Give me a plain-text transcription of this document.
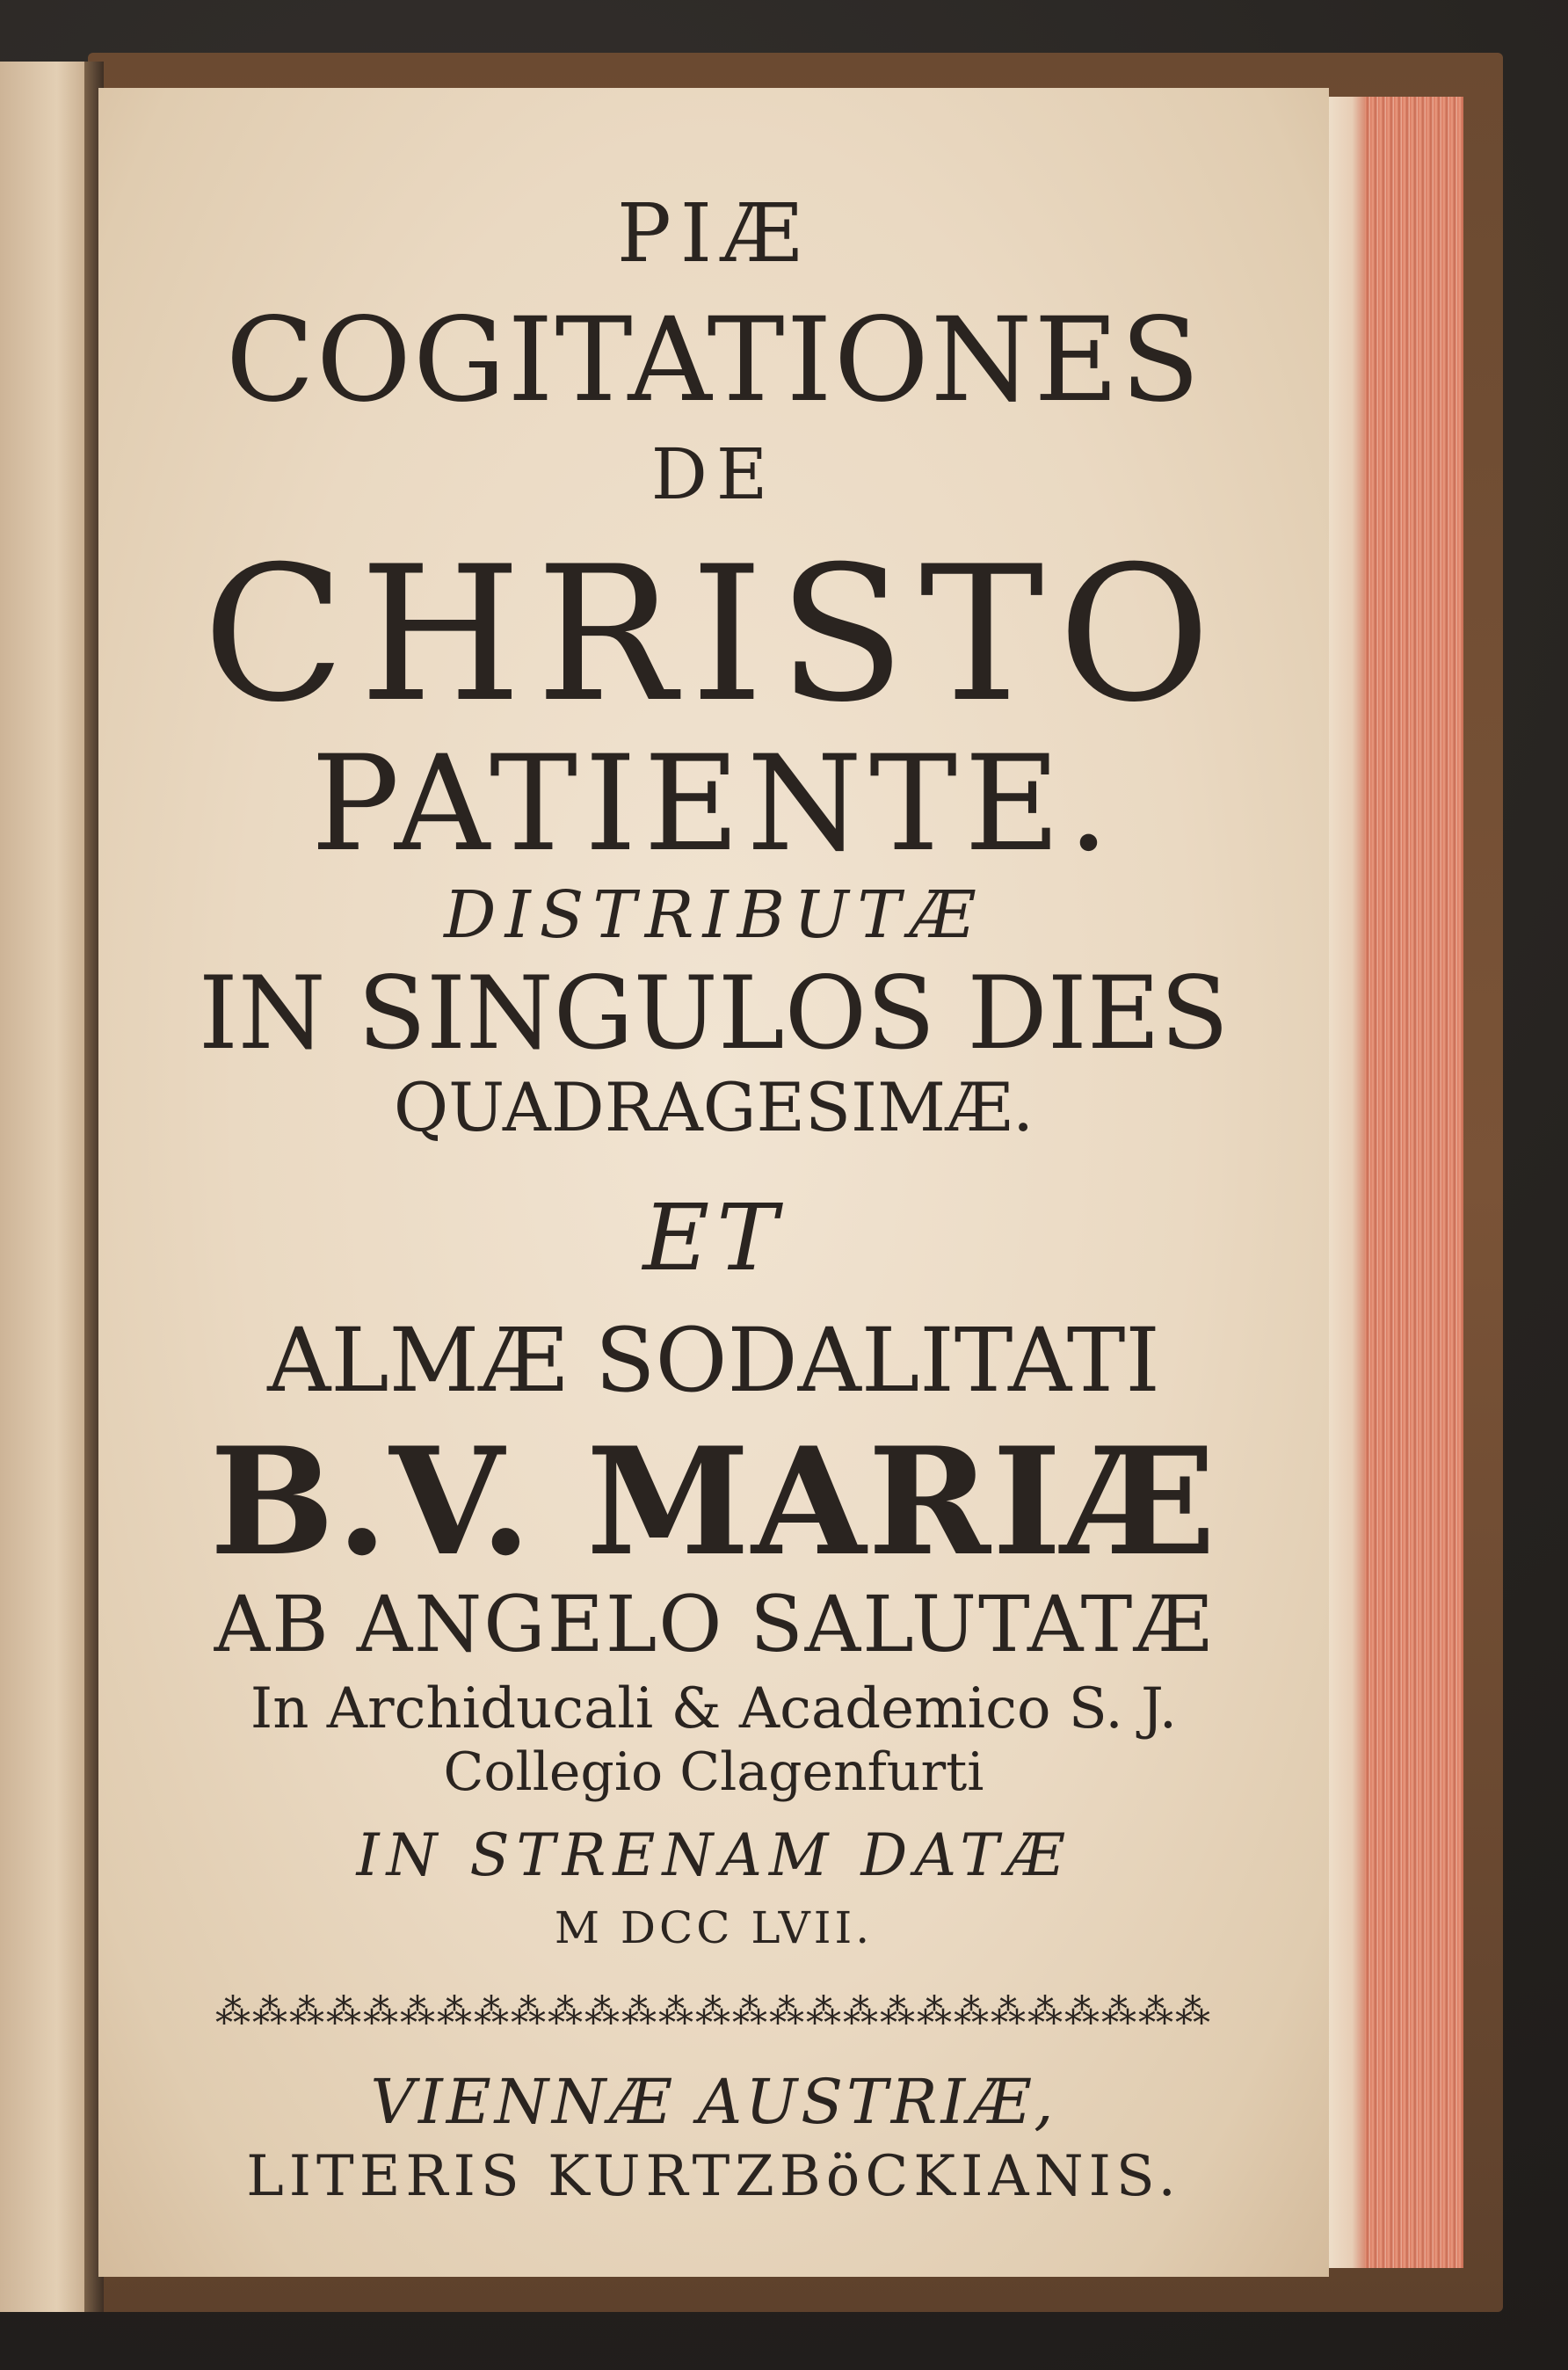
PIÆ
COGITATIONES
DE
CHRISTO
PATIENTE.
DISTRIBUTÆ
IN SINGULOS DIES
QUADRAGESIMÆ.
ET
ALMÆ SODALITATI
B.V. MARIÆ
AB ANGELO SALUTATÆ
In Archiducali & Academico S. J.
Collegio Clagenfurti
IN STRENAM DATÆ
M DCC LVII.
⁂⁂⁂⁂⁂⁂⁂⁂⁂⁂⁂⁂⁂⁂⁂⁂⁂⁂⁂⁂⁂⁂⁂⁂⁂⁂⁂
VIENNÆ AUSTRIÆ,
LITERIS KURTZBöCKIANIS.
